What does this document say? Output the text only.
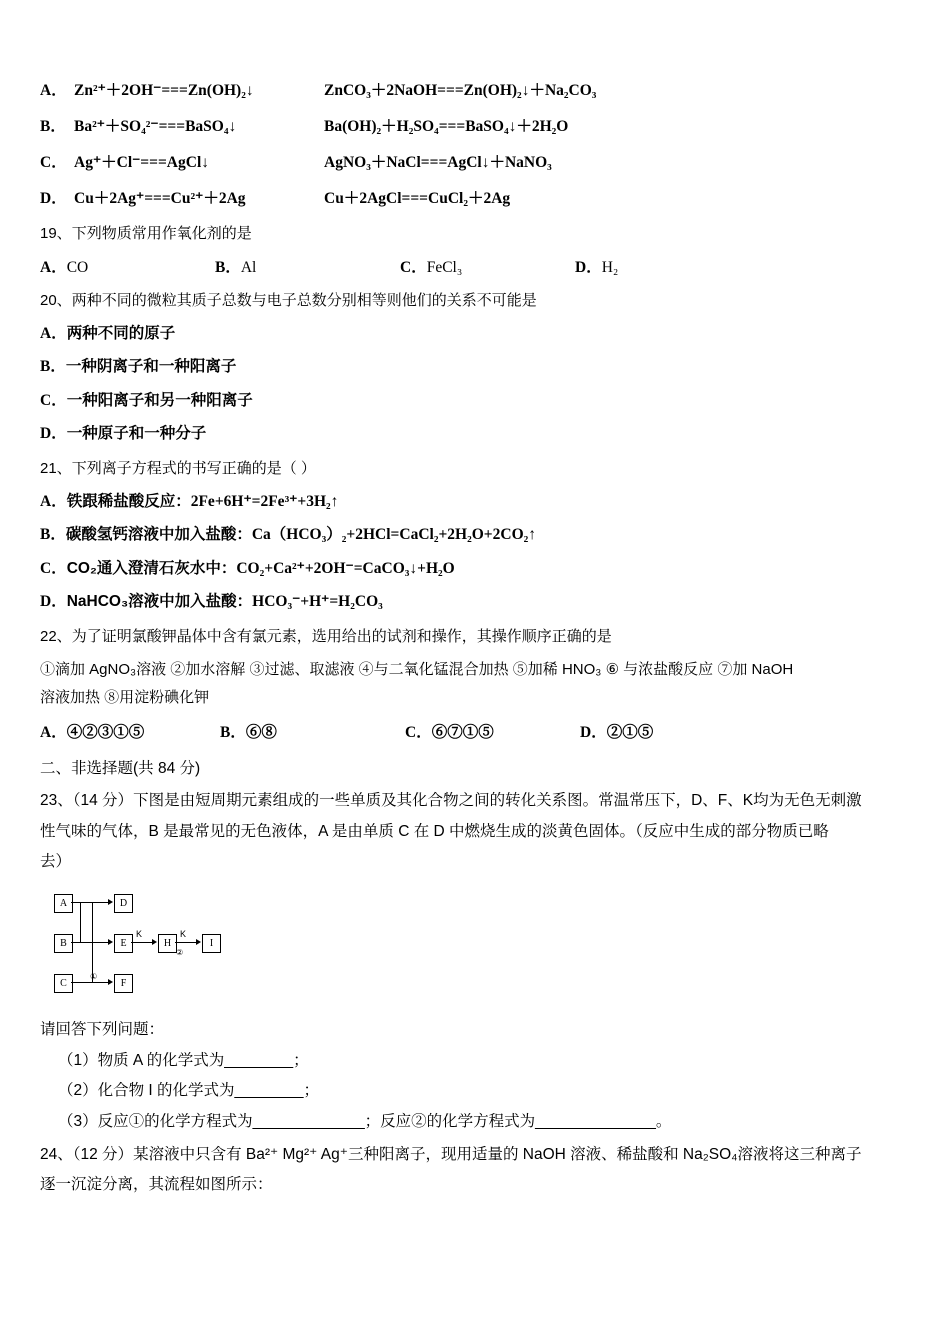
A． Zn²⁺＋2OH⁻===Zn(OH)₂↓	ZnCO₃＋2NaOH===Zn(OH)₂↓＋Na₂CO₃
B． Ba²⁺＋SO₄²⁻===BaSO₄↓	Ba(OH)₂＋H₂SO₄===BaSO₄↓＋2H₂O
C． Ag⁺＋Cl⁻===AgCl↓	AgNO₃＋NaCl===AgCl↓＋NaNO₃
D． Cu＋2Ag⁺===Cu²⁺＋2Ag	Cu＋2AgCl===CuCl₂＋2Ag
19、下列物质常用作氧化剂的是
A．CO	B．Al	C．FeCl₃	D．H₂
20、两种不同的微粒其质子总数与电子总数分别相等则他们的关系不可能是
A．两种不同的原子
B．一种阴离子和一种阳离子
C．一种阳离子和另一种阳离子
D．一种原子和一种分子
21、下列离子方程式的书写正确的是（ ）
A．铁跟稀盐酸反应：2Fe+6H⁺=2Fe³⁺+3H₂↑
B．碳酸氢钙溶液中加入盐酸：Ca（HCO₃）₂+2HCl=CaCl₂+2H₂O+2CO₂↑
C．CO₂通入澄清石灰水中：CO₂+Ca²⁺+2OH⁻=CaCO₃↓+H₂O
D．NaHCO₃溶液中加入盐酸：HCO₃⁻+H⁺=H₂CO₃
22、为了证明氯酸钾晶体中含有氯元素，选用给出的试剂和操作，其操作顺序正确的是
①滴加 AgNO₃溶液 ②加水溶解 ③过滤、取滤液 ④与二氧化锰混合加热 ⑤加稀 HNO₃ ⑥ 与浓盐酸反应 ⑦加 NaOH
溶液加热 ⑧用淀粉碘化钾
A．④②③①⑤	B．⑥⑧	C．⑥⑦①⑤	D．②①⑤
二、非选择题(共 84 分)
23、（14 分）下图是由短周期元素组成的一些单质及其化合物之间的转化关系图。常温常压下，D、F、K均为无色无刺激
性气味的气体，B 是最常见的无色液体，A 是由单质 C 在 D 中燃烧生成的淡黄色固体。（反应中生成的部分物质已略
去）
A
B
C
D
E
F
H	I
K	K
①
②
请回答下列问题：
（1）物质 A 的化学式为________；
（2）化合物 I 的化学式为________；
（3）反应①的化学方程式为_____________；反应②的化学方程式为______________。
24、（12 分）某溶液中只含有 Ba²⁺ Mg²⁺ Ag⁺三种阳离子，现用适量的 NaOH 溶液、稀盐酸和 Na₂SO₄溶液将这三种离子
逐一沉淀分离，其流程如图所示：
